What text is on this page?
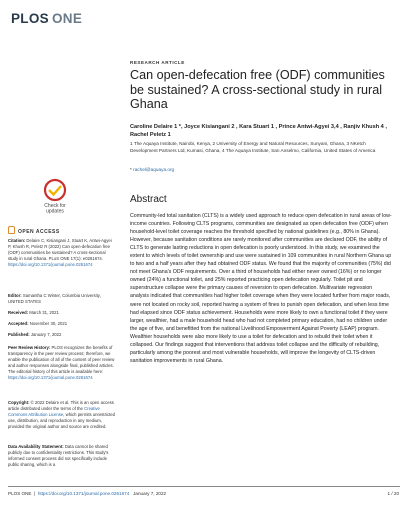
PLOS ONE
RESEARCH ARTICLE
Can open-defecation free (ODF) communities be sustained? A cross-sectional study in rural Ghana
Caroline Delaire 1 *, Joyce Kisiangani 2 , Kara Stuart 1 , Prince Antwi-Agyei 3,4 , Ranjiv Khush 4 , Rachel Peletz 1
1 The Aquaya Institute, Nairobi, Kenya, 2 University of Energy and Natural Resources, Sunyani, Ghana, 3 NKetch Development Partners Ltd, Kumasi, Ghana, 4 The Aquaya Institute, San Anselmo, California, United States of America
* rachel@aquaya.org
Check for
updates
OPEN ACCESS
Citation: Delaire C, Kisiangani J, Stuart K, Antwi-Agyei P, Khush R, Peletz R (2022) Can open-defecation free (ODF) communities be sustained? A cross-sectional study in rural Ghana. PLoS ONE 17(1): e0261674. https://doi.org/10.1371/journal.pone.0261674
Editor: Samantha C Winter, Columbia University, UNITED STATES
Received: March 31, 2021
Accepted: November 30, 2021
Published: January 7, 2022
Peer Review History: PLOS recognizes the benefits of transparency in the peer review process; therefore, we enable the publication of all of the content of peer review and author responses alongside final, published articles. The editorial history of this article is available here: https://doi.org/10.1371/journal.pone.0261674
Copyright: © 2022 Delaire et al. This is an open access article distributed under the terms of the Creative Commons Attribution License, which permits unrestricted use, distribution, and reproduction in any medium, provided the original author and source are credited.
Data Availability Statement: Data cannot be shared publicly due to confidentiality restrictions. This study's informed consent process did not specifically include public sharing, which is a
Abstract

Community-led total sanitation (CLTS) is a widely used approach to reduce open defecation in rural areas of low-income countries. Following CLTS programs, communities are designated as open defecation free (ODF) when household-level toilet coverage reaches the threshold specified by national guidelines (e.g., 80% in Ghana). However, because sanitation conditions are rarely monitored after communities are declared ODF, the ability of CLTS to generate lasting reductions in open defecation is poorly understood. In this study, we examined the extent to which levels of toilet ownership and use were sustained in 109 communities in rural Northern Ghana up to two and a half years after they had obtained ODF status. We found that the majority of communities (75%) did not meet Ghana's ODF requirements. Over a third of households had either never owned (16%) or no longer owned (24%) a functional toilet, and 25% reported practicing open defecation regularly. Toilet pit and superstructure collapse were the primary causes of reversion to open defecation. Multivariate regression analysis indicated that communities had higher toilet coverage when they were located further from major roads, were not located on rocky soil, reported having a system of fines to punish open defecation, and when less time had elapsed since ODF status achievement. Households were more likely to own a functional toilet if they were larger, wealthier, had a male household head who had not completed primary education, had no children under the age of five, and benefitted from the national Livelihood Empowerment Against Poverty (LEAP) program. Wealthier households were also more likely to use a toilet for defecation and to rebuild their toilet when it collapsed. Our findings suggest that interventions that address toilet collapse and the difficulty of rebuilding, particularly among the poorest and most vulnerable households, will improve the longevity of CLTS-driven sanitation improvements in rural Ghana.

PLOS ONE  |  https://doi.org/10.1371/journal.pone.0261674 January 7, 2022	1 / 20
